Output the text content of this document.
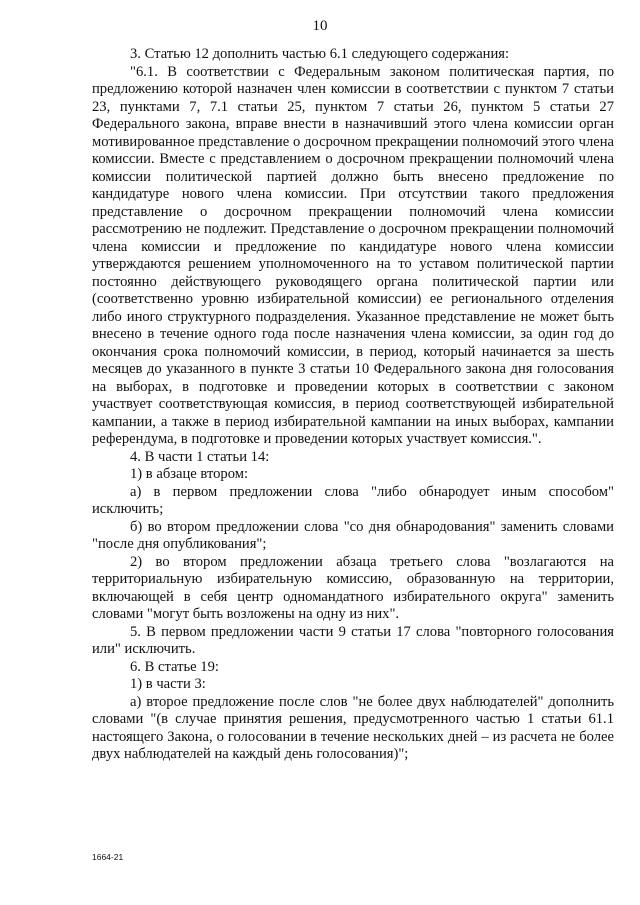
10

3. Статью 12 дополнить частью 6.1 следующего содержания:

"6.1. В соответствии с Федеральным законом политическая партия, по предложению которой назначен член комиссии в соответствии с пунктом 7 статьи 23, пунктами 7, 7.1 статьи 25, пунктом 7 статьи 26, пунктом 5 статьи 27 Федерального закона, вправе внести в назначивший этого члена комиссии орган мотивированное представление о досрочном прекращении полномочий этого члена комиссии. Вместе с представлением о досрочном прекращении полномочий члена комиссии политической партией должно быть внесено предложение по кандидатуре нового члена комиссии. При отсутствии такого предложения представление о досрочном прекращении полномочий члена комиссии рассмотрению не подлежит. Представление о досрочном прекращении полномочий члена комиссии и предложение по кандидатуре нового члена комиссии утверждаются решением уполномоченного на то уставом политической партии постоянно действующего руководящего органа политической партии или (соответственно уровню избирательной комиссии) ее регионального отделения либо иного структурного подразделения. Указанное представление не может быть внесено в течение одного года после назначения члена комиссии, за один год до окончания срока полномочий комиссии, в период, который начинается за шесть месяцев до указанного в пункте 3 статьи 10 Федерального закона дня голосования на выборах, в подготовке и проведении которых в соответствии с законом участвует соответствующая комиссия, в период соответствующей избирательной кампании, а также в период избирательной кампании на иных выборах, кампании референдума, в подготовке и проведении которых участвует комиссия.".

4. В части 1 статьи 14:

1) в абзаце втором:

а) в первом предложении слова "либо обнародует иным способом" исключить;

б) во втором предложении слова "со дня обнародования" заменить словами "после дня опубликования";

2) во втором предложении абзаца третьего слова "возлагаются на территориальную избирательную комиссию, образованную на территории, включающей в себя центр одномандатного избирательного округа" заменить словами "могут быть возложены на одну из них".

5. В первом предложении части 9 статьи 17 слова "повторного голосования или" исключить.

6. В статье 19:

1) в части 3:

а) второе предложение после слов "не более двух наблюдателей" дополнить словами "(в случае принятия решения, предусмотренного частью 1 статьи 61.1 настоящего Закона, о голосовании в течение нескольких дней – из расчета не более двух наблюдателей на каждый день голосования)";

1664-21
